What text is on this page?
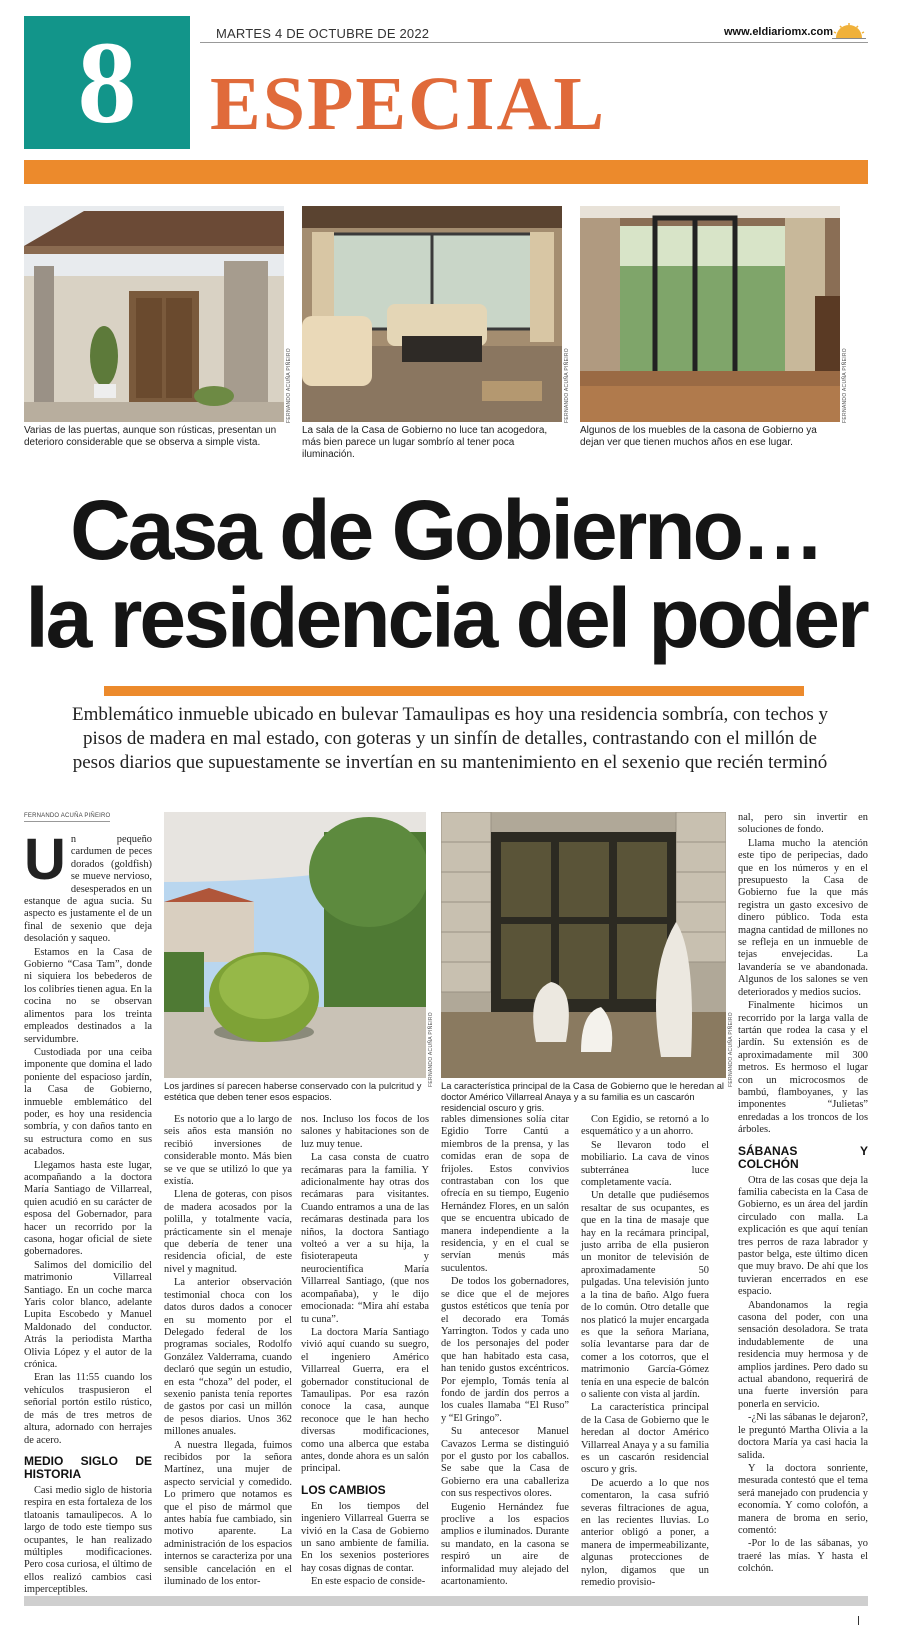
8	MARTES 4 DE OCTUBRE DE 2022	www.eldiariomx.com
ESPECIAL
FERNANDO ACUÑA PIÑEIRO
Varias de las puertas, aunque son rústicas, presentan un deterioro considerable que se observa a simple vista.
FERNANDO ACUÑA PIÑEIRO
La sala de la Casa de Gobierno no luce tan acogedora, más bien parece un lugar sombrío al tener poca iluminación.
FERNANDO ACUÑA PIÑEIRO
Algunos de los muebles de la casona de Gobierno ya dejan ver que tienen muchos años en ese lugar.
Casa de Gobierno…
la residencia del poder
Emblemático inmueble ubicado en bulevar Tamaulipas es hoy una residencia sombría, con techos y pisos de madera en mal estado, con goteras y un sinfín de detalles, contrastando con el millón de pesos diarios que supuestamente se invertían en su mantenimiento en el sexenio que recién terminó
FERNANDO ACUÑA PIÑEIRO
FERNANDO ACUÑA PIÑEIRO
Los jardines sí parecen haberse conservado con la pulcritud y estética que deben tener esos espacios.
FERNANDO ACUÑA PIÑEIRO
La característica principal de la Casa de Gobierno que le heredan al doctor Américo Villarreal Anaya y a su familia es un cascarón residencial oscuro y gris.

Un pequeño cardumen de peces dorados (goldfish) se mueve nervioso, desesperados en un estanque de agua sucia. Su aspecto es justamente el de un final de sexenio que deja desolación y saqueo.

Estamos en la Casa de Gobierno “Casa Tam”, donde ni siquiera los bebederos de los colibríes tienen agua. En la cocina no se observan alimentos para los treinta empleados destinados a la servidumbre.

Custodiada por una ceiba imponente que domina el lado poniente del espacioso jardín, la Casa de Gobierno, inmueble emblemático del poder, es hoy una residencia sombría, y con daños tanto en su estructura como en sus acabados.

Llegamos hasta este lugar, acompañando a la doctora María Santiago de Villarreal, quien acudió en su carácter de esposa del Gobernador, para hacer un recorrido por la casona, hogar oficial de siete gobernadores.

Salimos del domicilio del matrimonio Villarreal Santiago. En un coche marca Yaris color blanco, adelante Lupita Escobedo y Manuel Maldonado del conductor. Atrás la periodista Martha Olivia López y el autor de la crónica.

Eran las 11:55 cuando los vehículos traspusieron el señorial portón estilo rústico, de más de tres metros de altura, adornado con herrajes de acero.

MEDIO SIGLO DE HISTORIA

Casi medio siglo de historia respira en esta fortaleza de los tlatoanis tamaulipecos. A lo largo de todo este tiempo sus ocupantes, le han realizado múltiples modificaciones. Pero cosa curiosa, el último de ellos realizó cambios casi imperceptibles.

Es notorio que a lo largo de seis años esta mansión no recibió inversiones de considerable monto. Más bien se ve que se utilizó lo que ya existía.

Llena de goteras, con pisos de madera acosados por la polilla, y totalmente vacía, prácticamente sin el menaje que debería de tener una residencia oficial, de este nivel y magnitud.

La anterior observación testimonial choca con los datos duros dados a conocer en su momento por el Delegado federal de los programas sociales, Rodolfo González Valderrama, cuando declaró que según un estudio, en esta “choza” del poder, el sexenio panista tenía reportes de gastos por casi un millón de pesos diarios. Unos 362 millones anuales.

A nuestra llegada, fuimos recibidos por la señora Martínez, una mujer de aspecto servicial y comedido. Lo primero que notamos es que el piso de mármol que antes había fue cambiado, sin motivo aparente. La administración de los espacios internos se caracteriza por una sensible cancelación en el iluminado de los entor-

nos. Incluso los focos de los salones y habitaciones son de luz muy tenue.

La casa consta de cuatro recámaras para la familia. Y adicionalmente hay otras dos recámaras para visitantes. Cuando entramos a una de las recámaras destinada para los niños, la doctora Santiago volteó a ver a su hija, la fisioterapeuta y neurocientífica María Villarreal Santiago, (que nos acompañaba), y le dijo emocionada: “Mira ahí estaba tu cuna”.

La doctora María Santiago vivió aquí cuando su suegro, el ingeniero Américo Villarreal Guerra, era el gobernador constitucional de Tamaulipas. Por esa razón conoce la casa, aunque reconoce que le han hecho diversas modificaciones, como una alberca que estaba antes, donde ahora es un salón principal.

LOS CAMBIOS

En los tiempos del ingeniero Villarreal Guerra se vivió en la Casa de Gobierno un sano ambiente de familia. En los sexenios posteriores hay cosas dignas de contar.

En este espacio de conside-

rables dimensiones solía citar Egidio Torre Cantú a miembros de la prensa, y las comidas eran de sopa de frijoles. Estos convivios contrastaban con los que ofrecía en su tiempo, Eugenio Hernández Flores, en un salón que se encuentra ubicado de manera independiente a la residencia, y en el cual se servían menús más suculentos.

De todos los gobernadores, se dice que el de mejores gustos estéticos que tenía por el decorado era Tomás Yarrington. Todos y cada uno de los personajes del poder que han habitado esta casa, han tenido gustos excéntricos. Por ejemplo, Tomás tenía al fondo de jardín dos perros a los cuales llamaba “El Ruso” y “El Gringo”.

Su antecesor Manuel Cavazos Lerma se distinguió por el gusto por los caballos. Se sabe que la Casa de Gobierno era una caballeriza con sus respectivos olores.

Eugenio Hernández fue proclive a los espacios amplios e iluminados. Durante su mandato, en la casona se respiró un aire de informalidad muy alejado del acartonamiento.

Con Egidio, se retornó a lo esquemático y a un ahorro.

Se llevaron todo el mobiliario. La cava de vinos subterránea luce completamente vacía.

Un detalle que pudiésemos resaltar de sus ocupantes, es que en la tina de masaje que hay en la recámara principal, justo arriba de ella pusieron un monitor de televisión de aproximadamente 50 pulgadas. Una televisión junto a la tina de baño. Algo fuera de lo común. Otro detalle que nos platicó la mujer encargada es que la señora Mariana, solía levantarse para dar de comer a los cotorros, que el matrimonio García-Gómez tenía en una especie de balcón o saliente con vista al jardín.

La característica principal de la Casa de Gobierno que le heredan al doctor Américo Villarreal Anaya y a su familia es un cascarón residencial oscuro y gris.

De acuerdo a lo que nos comentaron, la casa sufrió severas filtraciones de agua, en las recientes lluvias. Lo anterior obligó a poner, a manera de impermeabilizante, algunas protecciones de nylon, digamos que un remedio provisio-

nal, pero sin invertir en soluciones de fondo.

Llama mucho la atención este tipo de peripecias, dado que en los números y en el presupuesto la Casa de Gobierno fue la que más registra un gasto excesivo de dinero público. Toda esta magna cantidad de millones no se refleja en un inmueble de tejas envejecidas. La lavandería se ve abandonada. Algunos de los salones se ven deteriorados y medios sucios.

Finalmente hicimos un recorrido por la larga valla de tartán que rodea la casa y el jardín. Su extensión es de aproximadamente mil 300 metros. Es hermoso el lugar con un microcosmos de bambú, flamboyanes, y las imponentes “Julietas” enredadas a los troncos de los árboles.

SÁBANAS Y COLCHÓN

Otra de las cosas que deja la familia cabecista en la Casa de Gobierno, es un área del jardín circulado con malla. La explicación es que aquí tenían tres perros de raza labrador y pastor belga, este último dicen que muy bravo. De ahí que los tuvieran encerrados en ese espacio.

Abandonamos la regia casona del poder, con una sensación desoladora. Se trata indudablemente de una residencia muy hermosa y de amplios jardines. Pero dado su actual abandono, requerirá de una fuerte inversión para ponerla en servicio.

-¿Ni las sábanas le dejaron?, le preguntó Martha Olivia a la doctora María ya casi hacia la salida.

Y la doctora sonriente, mesurada contestó que el tema será manejado con prudencia y economía. Y como colofón, a manera de broma en serio, comentó:

-Por lo de las sábanas, yo traeré las mías. Y hasta el colchón.
